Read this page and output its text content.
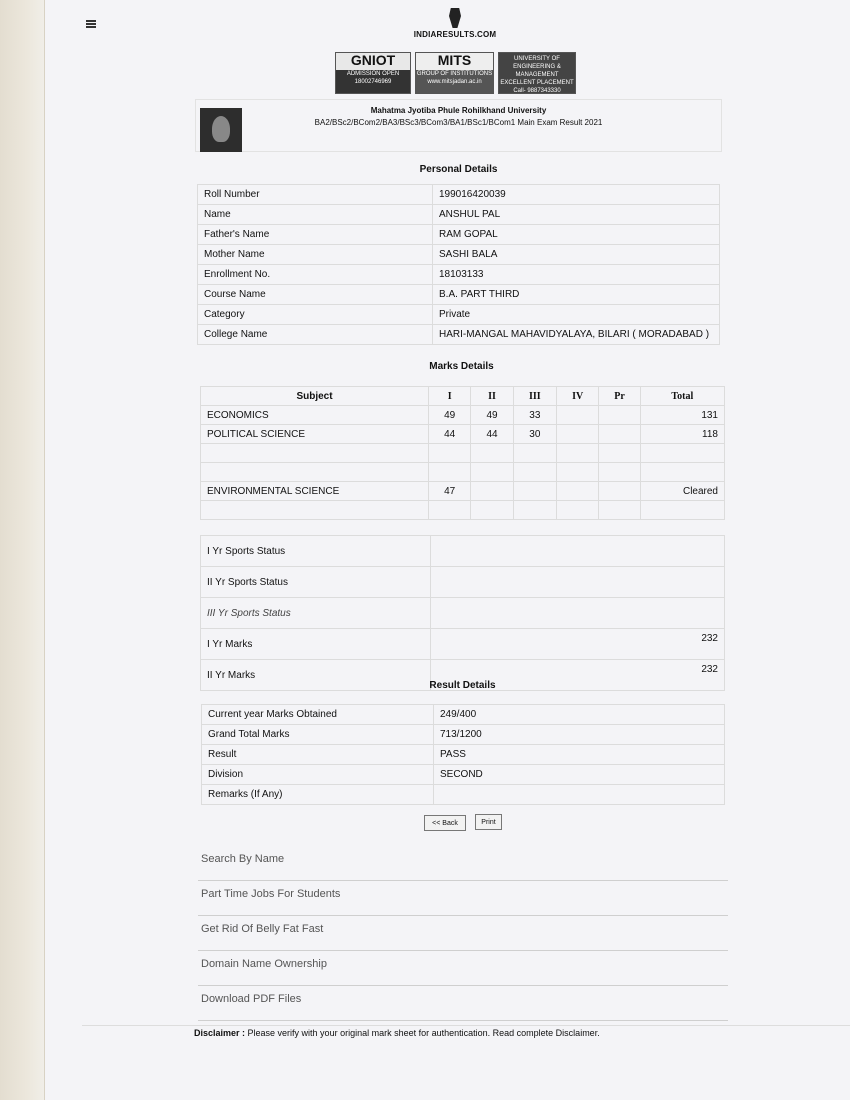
INDIARESULTS.COM
GNIOT
ADMISSION OPEN
18002746969
MITS
GROUP OF INSTITUTIONS
www.mitsjadan.ac.in
UNIVERSITY OF ENGINEERING & MANAGEMENT
EXCELLENT PLACEMENT
Call- 9887343330
Mahatma Jyotiba Phule Rohilkhand University
BA2/BSc2/BCom2/BA3/BSc3/BCom3/BA1/BSc1/BCom1 Main Exam Result 2021
Personal Details
Roll Number	199016420039
Name	ANSHUL PAL
Father's Name	RAM GOPAL
Mother Name	SASHI BALA
Enrollment No.	18103133
Course Name	B.A. PART THIRD
Category	Private
College Name	HARI-MANGAL MAHAVIDYALAYA, BILARI ( MORADABAD )
Marks Details
Subject	I	II	III	IV	Pr	Total
ECONOMICS	49	49	33			131
POLITICAL SCIENCE	44	44	30			118

ENVIRONMENTAL SCIENCE	47					Cleared

I Yr Sports Status	
II Yr Sports Status	
III Yr Sports Status	
I Yr Marks	232
II Yr Marks	232
Result Details
Current year Marks Obtained	249/400
Grand Total Marks	713/1200
Result	PASS
Division	SECOND
Remarks (If Any)	
<< Back	Print
Search By Name
Part Time Jobs For Students
Get Rid Of Belly Fat Fast
Domain Name Ownership
Download PDF Files
Disclaimer : Please verify with your original mark sheet for authentication. Read complete Disclaimer.
